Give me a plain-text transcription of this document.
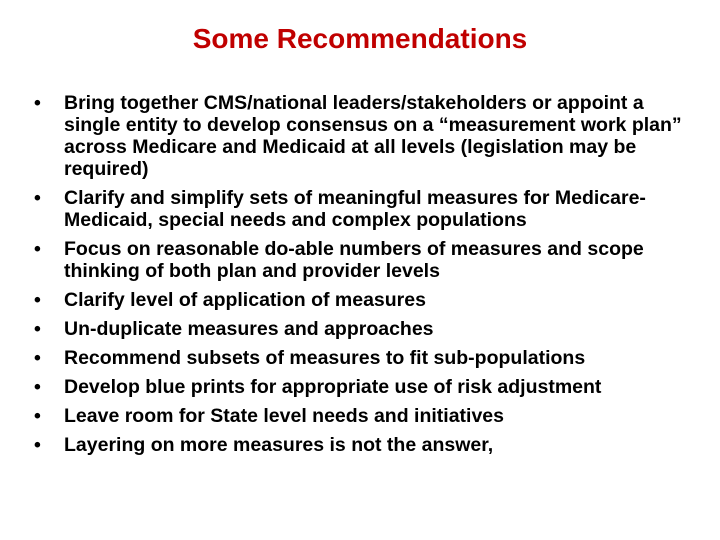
Some Recommendations
•	Bring together CMS/national leaders/stakeholders or appoint a single entity to develop consensus on a “measurement work plan” across Medicare and Medicaid at all levels (legislation may be required)
•	Clarify and simplify sets of meaningful measures for Medicare-Medicaid, special needs and complex populations
•	Focus on reasonable do-able numbers of measures and scope thinking of both plan and provider levels
•	Clarify level of application of measures
•	Un-duplicate measures and approaches
•	Recommend subsets of measures to fit sub-populations
•	Develop blue prints for appropriate use of risk adjustment
•	Leave room for State level needs and initiatives
•	Layering on more measures is not the answer,
